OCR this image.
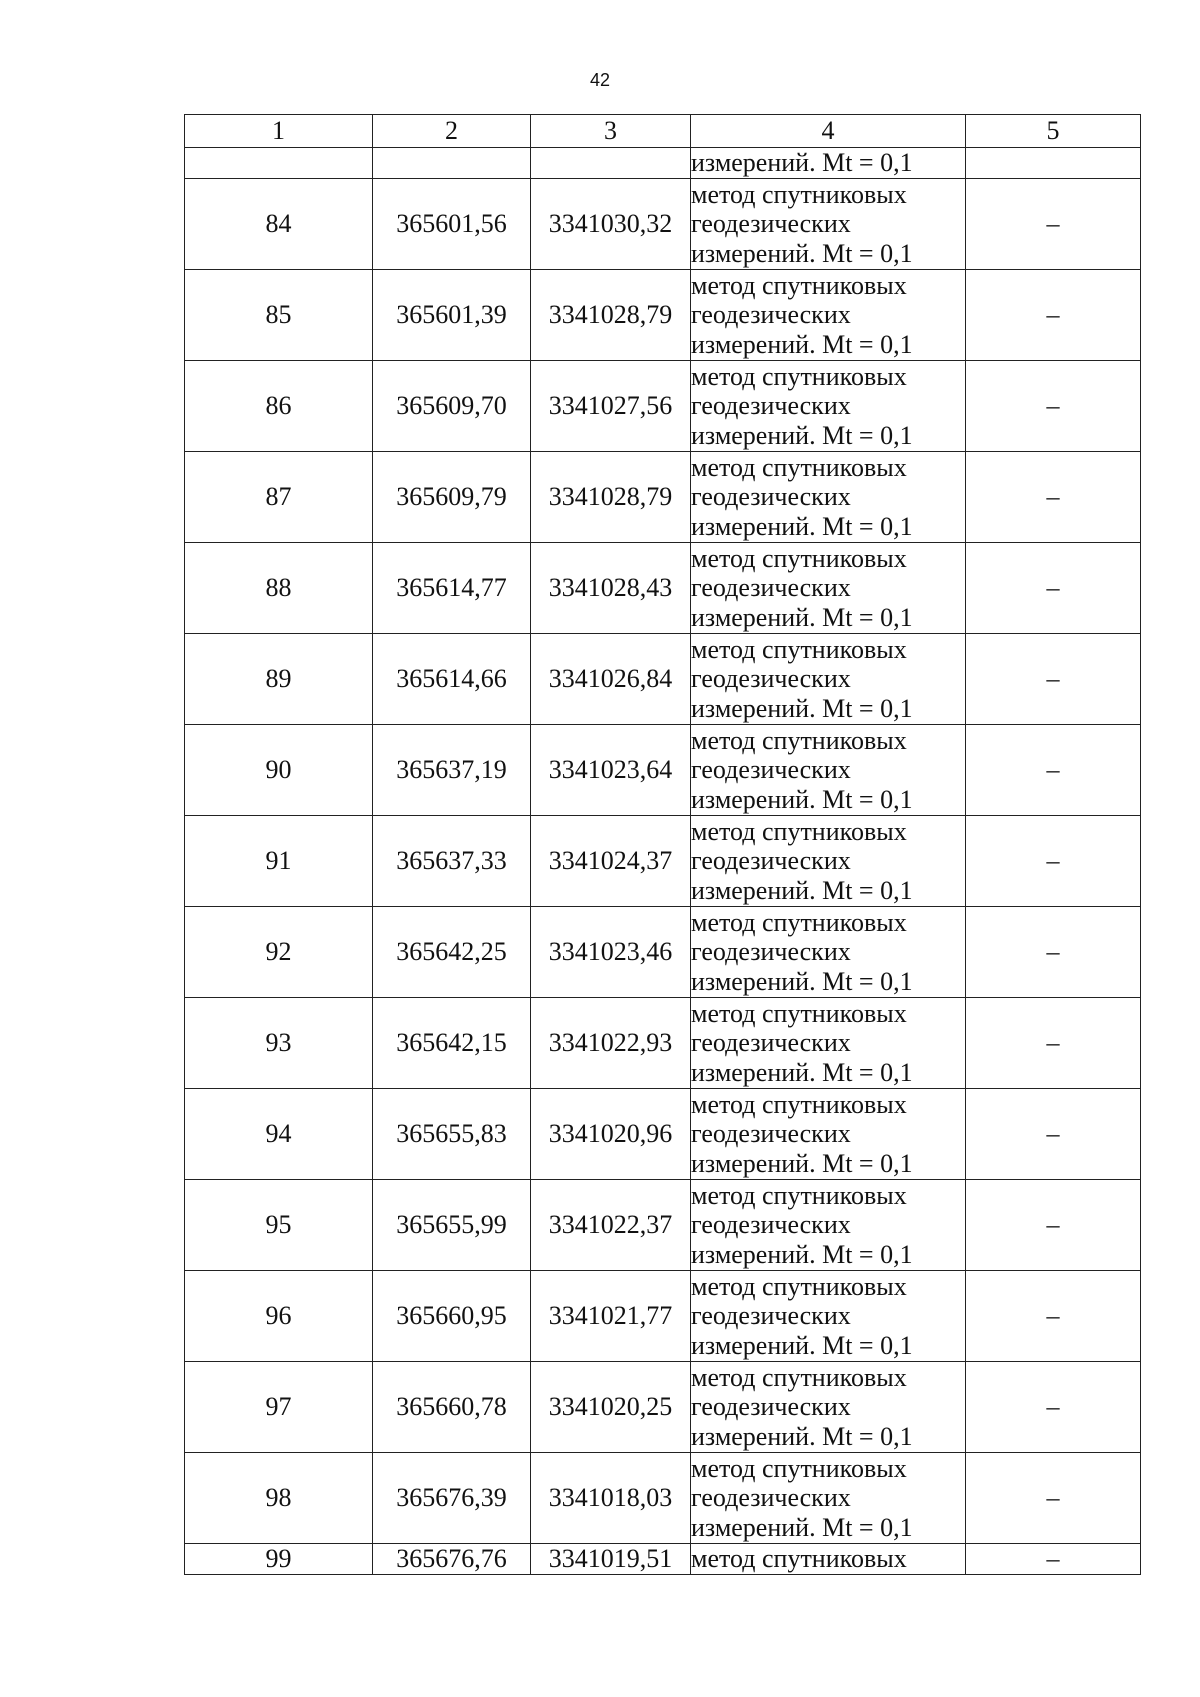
42
1	2	3	4	5
			измерений. Mt = 0,1	
84	365601,56	3341030,32	метод спутниковых
геодезических
измерений. Mt = 0,1	–
85	365601,39	3341028,79	метод спутниковых
геодезических
измерений. Mt = 0,1	–
86	365609,70	3341027,56	метод спутниковых
геодезических
измерений. Mt = 0,1	–
87	365609,79	3341028,79	метод спутниковых
геодезических
измерений. Mt = 0,1	–
88	365614,77	3341028,43	метод спутниковых
геодезических
измерений. Mt = 0,1	–
89	365614,66	3341026,84	метод спутниковых
геодезических
измерений. Mt = 0,1	–
90	365637,19	3341023,64	метод спутниковых
геодезических
измерений. Mt = 0,1	–
91	365637,33	3341024,37	метод спутниковых
геодезических
измерений. Mt = 0,1	–
92	365642,25	3341023,46	метод спутниковых
геодезических
измерений. Mt = 0,1	–
93	365642,15	3341022,93	метод спутниковых
геодезических
измерений. Mt = 0,1	–
94	365655,83	3341020,96	метод спутниковых
геодезических
измерений. Mt = 0,1	–
95	365655,99	3341022,37	метод спутниковых
геодезических
измерений. Mt = 0,1	–
96	365660,95	3341021,77	метод спутниковых
геодезических
измерений. Mt = 0,1	–
97	365660,78	3341020,25	метод спутниковых
геодезических
измерений. Mt = 0,1	–
98	365676,39	3341018,03	метод спутниковых
геодезических
измерений. Mt = 0,1	–
99	365676,76	3341019,51	метод спутниковых	–
